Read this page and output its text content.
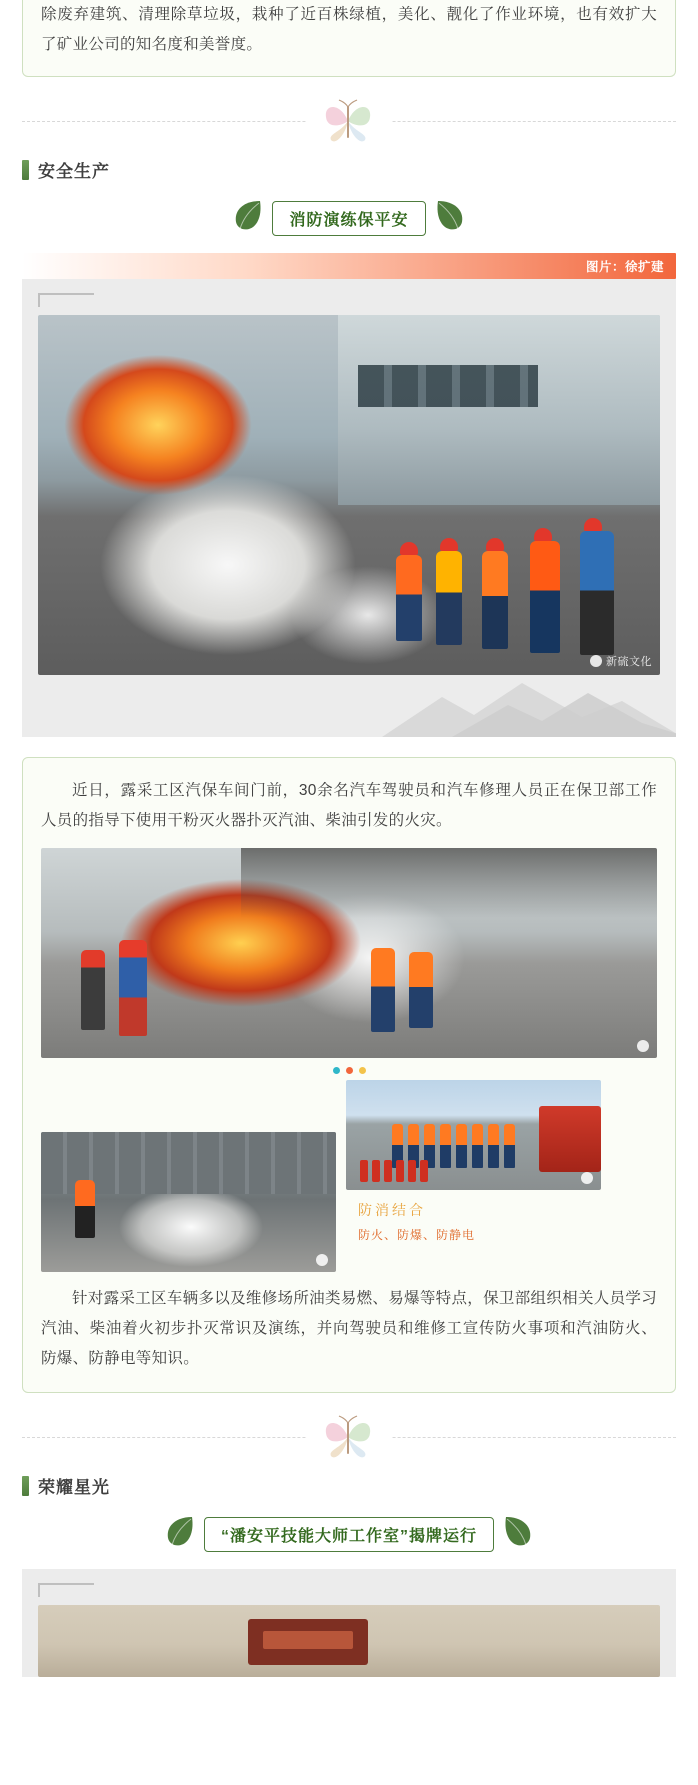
除废弃建筑、清理除草垃圾，栽种了近百株绿植，美化、靓化了作业环境，也有效扩大了矿业公司的知名度和美誉度。
安全生产
消防演练保平安
图片：徐扩建
新硫文化
近日，露采工区汽保车间门前，30余名汽车驾驶员和汽车修理人员正在保卫部工作人员的指导下使用干粉灭火器扑灭汽油、柴油引发的火灾。
防消结合
防火、防爆、防静电
针对露采工区车辆多以及维修场所油类易燃、易爆等特点，保卫部组织相关人员学习汽油、柴油着火初步扑灭常识及演练，并向驾驶员和维修工宣传防火事项和汽油防火、防爆、防静电等知识。
荣耀星光
“潘安平技能大师工作室”揭牌运行
